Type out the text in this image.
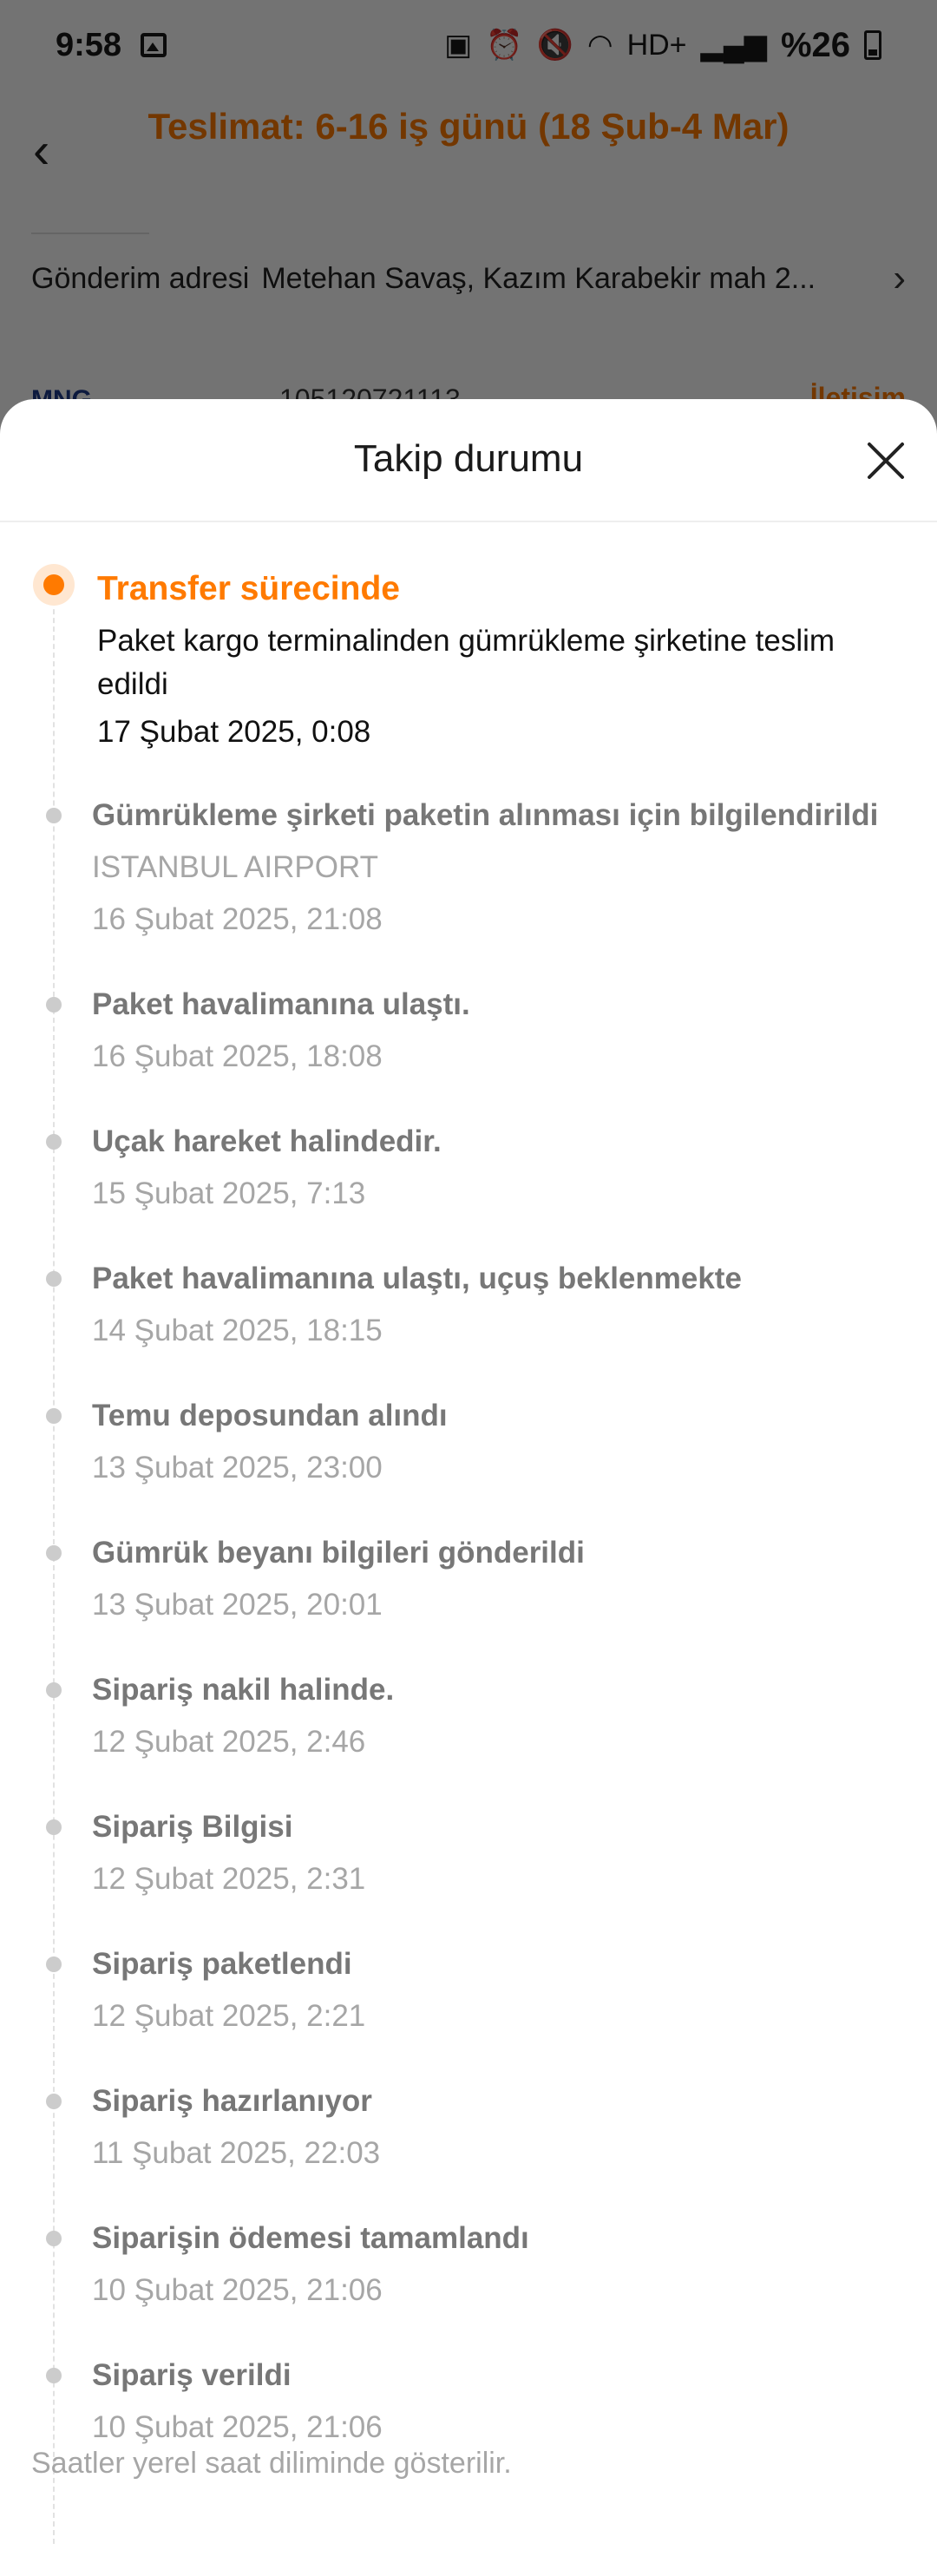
Takip durumu
Transfer sürecinde
Paket kargo terminalinden gümrükleme şirketine teslim edildi
17 Şubat 2025, 0:08
Gümrükleme şirketi paketin alınması için bilgilendirildi
ISTANBUL AIRPORT
16 Şubat 2025, 21:08
Paket havalimanına ulaştı.
16 Şubat 2025, 18:08
Uçak hareket halindedir.
15 Şubat 2025, 7:13
Paket havalimanına ulaştı, uçuş beklenmekte
14 Şubat 2025, 18:15
Temu deposundan alındı
13 Şubat 2025, 23:00
Gümrük beyanı bilgileri gönderildi
13 Şubat 2025, 20:01
Sipariş nakil halinde.
12 Şubat 2025, 2:46
Sipariş Bilgisi
12 Şubat 2025, 2:31
Sipariş paketlendi
12 Şubat 2025, 2:21
Sipariş hazırlanıyor
11 Şubat 2025, 22:03
Siparişin ödemesi tamamlandı
10 Şubat 2025, 21:06
Sipariş verildi
10 Şubat 2025, 21:06
Saatler yerel saat diliminde gösterilir.
